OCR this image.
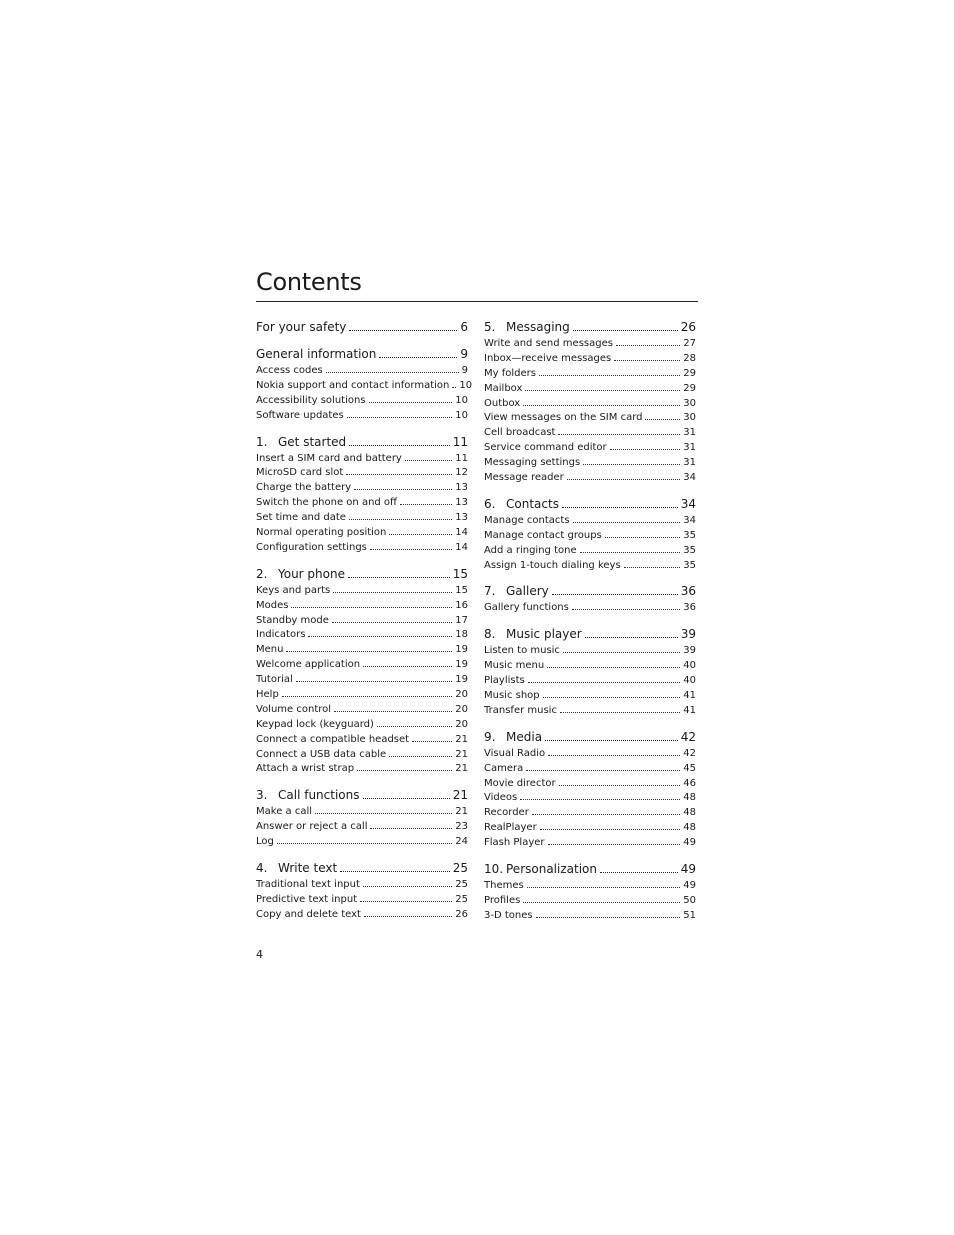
Contents
For your safety	6
General information	9
Access codes	9
Nokia support and contact information 10
Accessibility solutions	10
Software updates	10
1. Get started	11
Insert a SIM card and battery	11
MicroSD card slot	12
Charge the battery	13
Switch the phone on and off	13
Set time and date	13
Normal operating position	14
Configuration settings	14
2. Your phone	15
Keys and parts	15
Modes	16
Standby mode	17
Indicators	18
Menu	19
Welcome application	19
Tutorial	19
Help	20
Volume control	20
Keypad lock (keyguard)	20
Connect a compatible headset	21
Connect a USB data cable	21
Attach a wrist strap	21
3. Call functions	21
Make a call	21
Answer or reject a call	23
Log	24
4. Write text	25
Traditional text input	25
Predictive text input	25
Copy and delete text	26
5. Messaging	26
Write and send messages	27
Inbox—receive messages	28
My folders	29
Mailbox	29
Outbox	30
View messages on the SIM card	30
Cell broadcast	31
Service command editor	31
Messaging settings	31
Message reader	34
6. Contacts	34
Manage contacts	34
Manage contact groups	35
Add a ringing tone	35
Assign 1-touch dialing keys	35
7. Gallery	36
Gallery functions	36
8. Music player	39
Listen to music	39
Music menu	40
Playlists	40
Music shop	41
Transfer music	41
9. Media	42
Visual Radio	42
Camera	45
Movie director	46
Videos	48
Recorder	48
RealPlayer	48
Flash Player	49
10. Personalization	49
Themes	49
Profiles	50
3-D tones	51
4
